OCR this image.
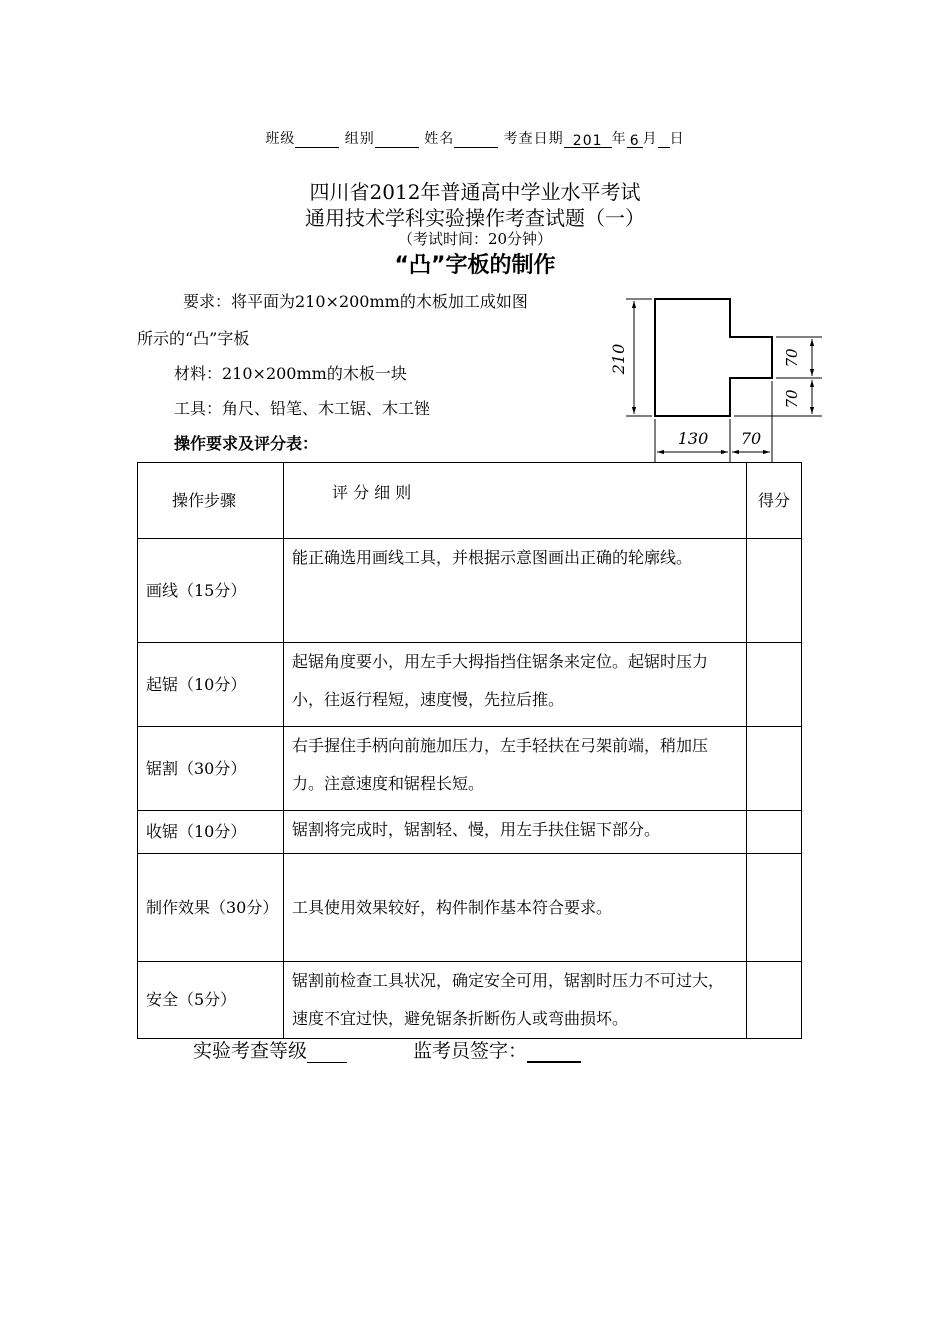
班级	组别	姓名	考查日期 201 年 6 月 日
四川省2012年普通高中学业水平考试
通用技术学科实验操作考查试题（一）
（考试时间：20分钟）
“凸”字板的制作
要求：将平面为210×200mm的木板加工成如图
所示的“凸”字板
材料：210×200mm的木板一块
工具：角尺、铅笔、木工锯、木工锉
操作要求及评分表：
210	70
70
130 70
操作步骤	评 分 细 则	得分
画线（15分）	能正确选用画线工具，并根据示意图画出正确的轮廓线。	
起锯（10分）	起锯角度要小，用左手大拇指挡住锯条来定位。起锯时压力小，往返行程短，速度慢，先拉后推。	
锯割（30分）	右手握住手柄向前施加压力，左手轻扶在弓架前端，稍加压力。注意速度和锯程长短。	
收锯（10分）	锯割将完成时，锯割轻、慢，用左手扶住锯下部分。	
制作效果（30分）	工具使用效果较好，构件制作基本符合要求。	
安全（5分）	锯割前检查工具状况，确定安全可用，锯割时压力不可过大，速度不宜过快，避免锯条折断伤人或弯曲损坏。	
实验考查等级	监考员签字：
